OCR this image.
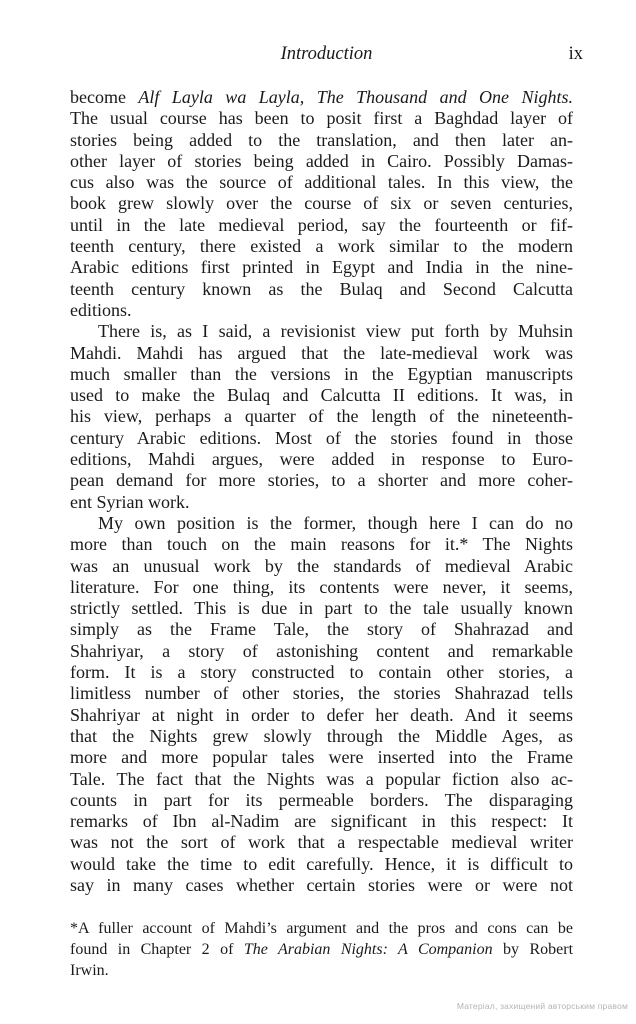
Introduction	ix
become Alf Layla wa Layla, The Thousand and One Nights.
The usual course has been to posit first a Baghdad layer of
stories being added to the translation, and then later an-
other layer of stories being added in Cairo. Possibly Damas-
cus also was the source of additional tales. In this view, the
book grew slowly over the course of six or seven centuries,
until in the late medieval period, say the fourteenth or fif-
teenth century, there existed a work similar to the modern
Arabic editions first printed in Egypt and India in the nine-
teenth century known as the Bulaq and Second Calcutta
editions.
There is, as I said, a revisionist view put forth by Muhsin
Mahdi. Mahdi has argued that the late-medieval work was
much smaller than the versions in the Egyptian manuscripts
used to make the Bulaq and Calcutta II editions. It was, in
his view, perhaps a quarter of the length of the nineteenth-
century Arabic editions. Most of the stories found in those
editions, Mahdi argues, were added in response to Euro-
pean demand for more stories, to a shorter and more coher-
ent Syrian work.
My own position is the former, though here I can do no
more than touch on the main reasons for it.* The Nights
was an unusual work by the standards of medieval Arabic
literature. For one thing, its contents were never, it seems,
strictly settled. This is due in part to the tale usually known
simply as the Frame Tale, the story of Shahrazad and
Shahriyar, a story of astonishing content and remarkable
form. It is a story constructed to contain other stories, a
limitless number of other stories, the stories Shahrazad tells
Shahriyar at night in order to defer her death. And it seems
that the Nights grew slowly through the Middle Ages, as
more and more popular tales were inserted into the Frame
Tale. The fact that the Nights was a popular fiction also ac-
counts in part for its permeable borders. The disparaging
remarks of Ibn al-Nadim are significant in this respect: It
was not the sort of work that a respectable medieval writer
would take the time to edit carefully. Hence, it is difficult to
say in many cases whether certain stories were or were not
*A fuller account of Mahdi’s argument and the pros and cons can be
found in Chapter 2 of The Arabian Nights: A Companion by Robert
Irwin.
Матеріал, захищений авторським правом
